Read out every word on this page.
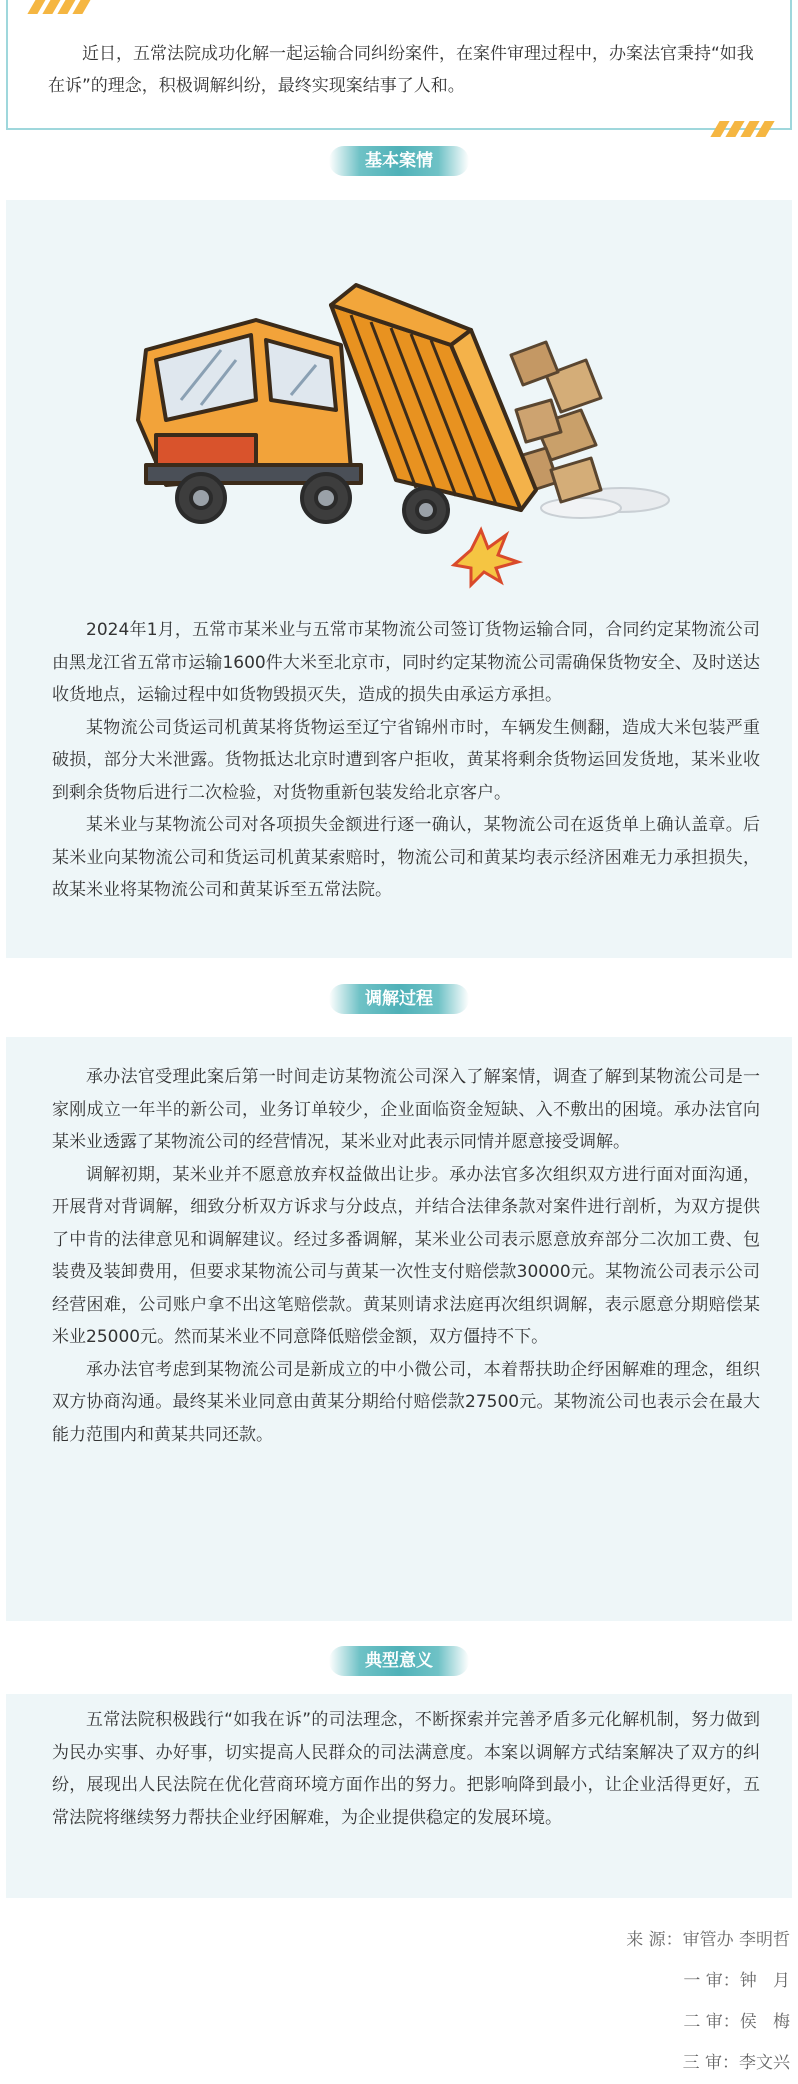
近日，五常法院成功化解一起运输合同纠纷案件，在案件审理过程中，办案法官秉持“如我在诉”的理念，积极调解纠纷，最终实现案结事了人和。

基本案情

2024年1月，五常市某米业与五常市某物流公司签订货物运输合同，合同约定某物流公司由黑龙江省五常市运输1600件大米至北京市，同时约定某物流公司需确保货物安全、及时送达收货地点，运输过程中如货物毁损灭失，造成的损失由承运方承担。

某物流公司货运司机黄某将货物运至辽宁省锦州市时，车辆发生侧翻，造成大米包装严重破损，部分大米泄露。货物抵达北京时遭到客户拒收，黄某将剩余货物运回发货地，某米业收到剩余货物后进行二次检验，对货物重新包装发给北京客户。

某米业与某物流公司对各项损失金额进行逐一确认，某物流公司在返货单上确认盖章。后某米业向某物流公司和货运司机黄某索赔时，物流公司和黄某均表示经济困难无力承担损失，故某米业将某物流公司和黄某诉至五常法院。

调解过程

承办法官受理此案后第一时间走访某物流公司深入了解案情，调查了解到某物流公司是一家刚成立一年半的新公司，业务订单较少，企业面临资金短缺、入不敷出的困境。承办法官向某米业透露了某物流公司的经营情况，某米业对此表示同情并愿意接受调解。

调解初期，某米业并不愿意放弃权益做出让步。承办法官多次组织双方进行面对面沟通，开展背对背调解，细致分析双方诉求与分歧点，并结合法律条款对案件进行剖析，为双方提供了中肯的法律意见和调解建议。经过多番调解，某米业公司表示愿意放弃部分二次加工费、包装费及装卸费用，但要求某物流公司与黄某一次性支付赔偿款30000元。某物流公司表示公司经营困难，公司账户拿不出这笔赔偿款。黄某则请求法庭再次组织调解，表示愿意分期赔偿某米业25000元。然而某米业不同意降低赔偿金额，双方僵持不下。

承办法官考虑到某物流公司是新成立的中小微公司，本着帮扶助企纾困解难的理念，组织双方协商沟通。最终某米业同意由黄某分期给付赔偿款27500元。某物流公司也表示会在最大能力范围内和黄某共同还款。

典型意义

五常法院积极践行“如我在诉”的司法理念，不断探索并完善矛盾多元化解机制，努力做到为民办实事、办好事，切实提高人民群众的司法满意度。本案以调解方式结案解决了双方的纠纷，展现出人民法院在优化营商环境方面作出的努力。把影响降到最小，让企业活得更好，五常法院将继续努力帮扶企业纾困解难，为企业提供稳定的发展环境。

来 源：审管办 李明哲
一 审：钟   月
二 审：侯   梅
三 审：李文兴
